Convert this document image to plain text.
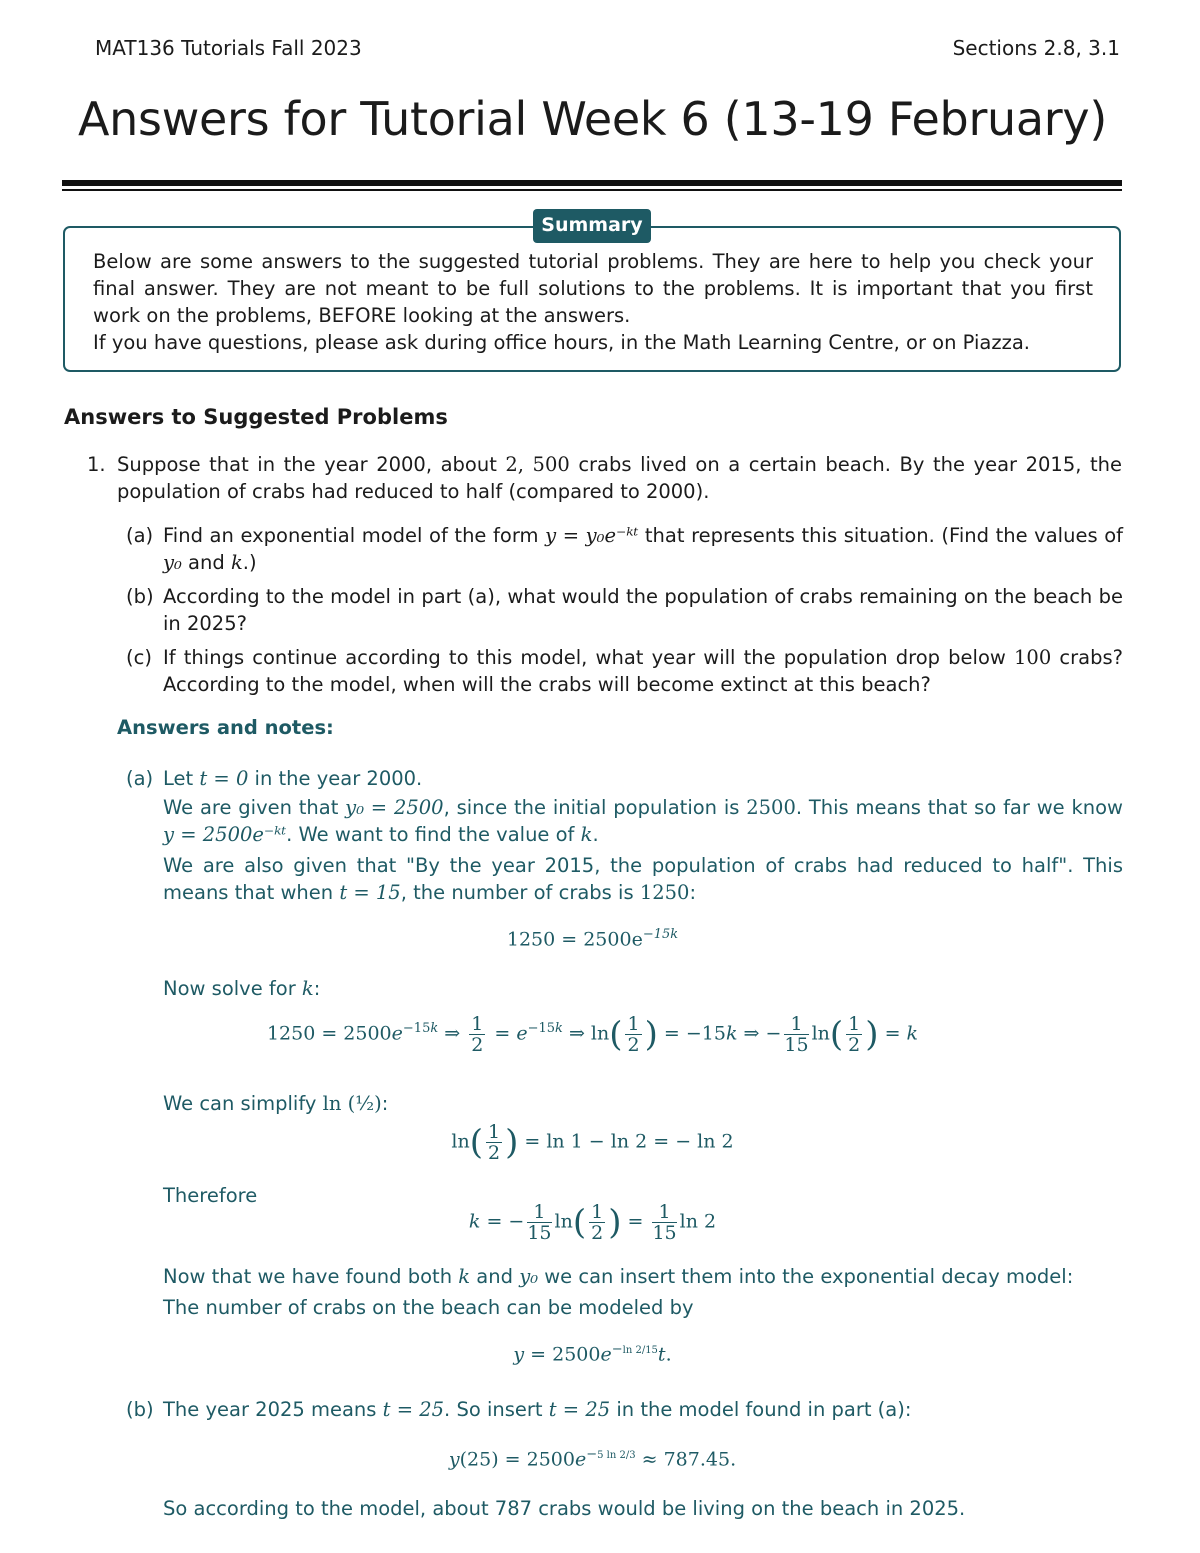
MAT136 Tutorials Fall 2023	Sections 2.8, 3.1
Answers for Tutorial Week 6 (13-19 February)
Summary
Below are some answers to the suggested tutorial problems. They are here to help you check your final answer. They are not meant to be full solutions to the problems. It is important that you first work on the problems, BEFORE looking at the answers.
If you have questions, please ask during office hours, in the Math Learning Centre, or on Piazza.
Answers to Suggested Problems
1. Suppose that in the year 2000, about 2, 500 crabs lived on a certain beach. By the year 2015, the population of crabs had reduced to half (compared to 2000).
(a) Find an exponential model of the form y = y₀e⁻ᵏᵗ that represents this situation. (Find the values of y₀ and k.)
(b) According to the model in part (a), what would the population of crabs remaining on the beach be in 2025?
(c) If things continue according to this model, what year will the population drop below 100 crabs? According to the model, when will the crabs will become extinct at this beach?
Answers and notes:
(a) Let t = 0 in the year 2000.
We are given that y₀ = 2500, since the initial population is 2500. This means that so far we know y = 2500e⁻ᵏᵗ. We want to find the value of k.
We are also given that "By the year 2015, the population of crabs had reduced to half". This means that when t = 15, the number of crabs is 1250:
$1250 = 2500e^{-15k}$
Now solve for k:
$1250 = 2500e^{-15k}$ ⇒ $\frac{1}{2} = e^{-15k}$ ⇒ $\ln( \frac{1}{2}$ ) = −15k ⇒ − $\frac{1}{15} \ln( \frac{1}{2}$ ) = k
We can simplify ln (½):
$\ln( \frac{1}{2}$ ) = ln 1 − ln 2 = − ln 2
Therefore
k = − $\frac{1}{15} \ln( \frac{1}{2}$ ) = $\frac{1}{15}$ ln 2
Now that we have found both k and y₀ we can insert them into the exponential decay model:
The number of crabs on the beach can be modeled by
$y = 2500e^{-ln 2/15}t$.
(b) The year 2025 means t = 25. So insert t = 25 in the model found in part (a):
$y(25) = 2500e^{-5 ln 2/3} \approx 787.45$.
So according to the model, about 787 crabs would be living on the beach in 2025.
